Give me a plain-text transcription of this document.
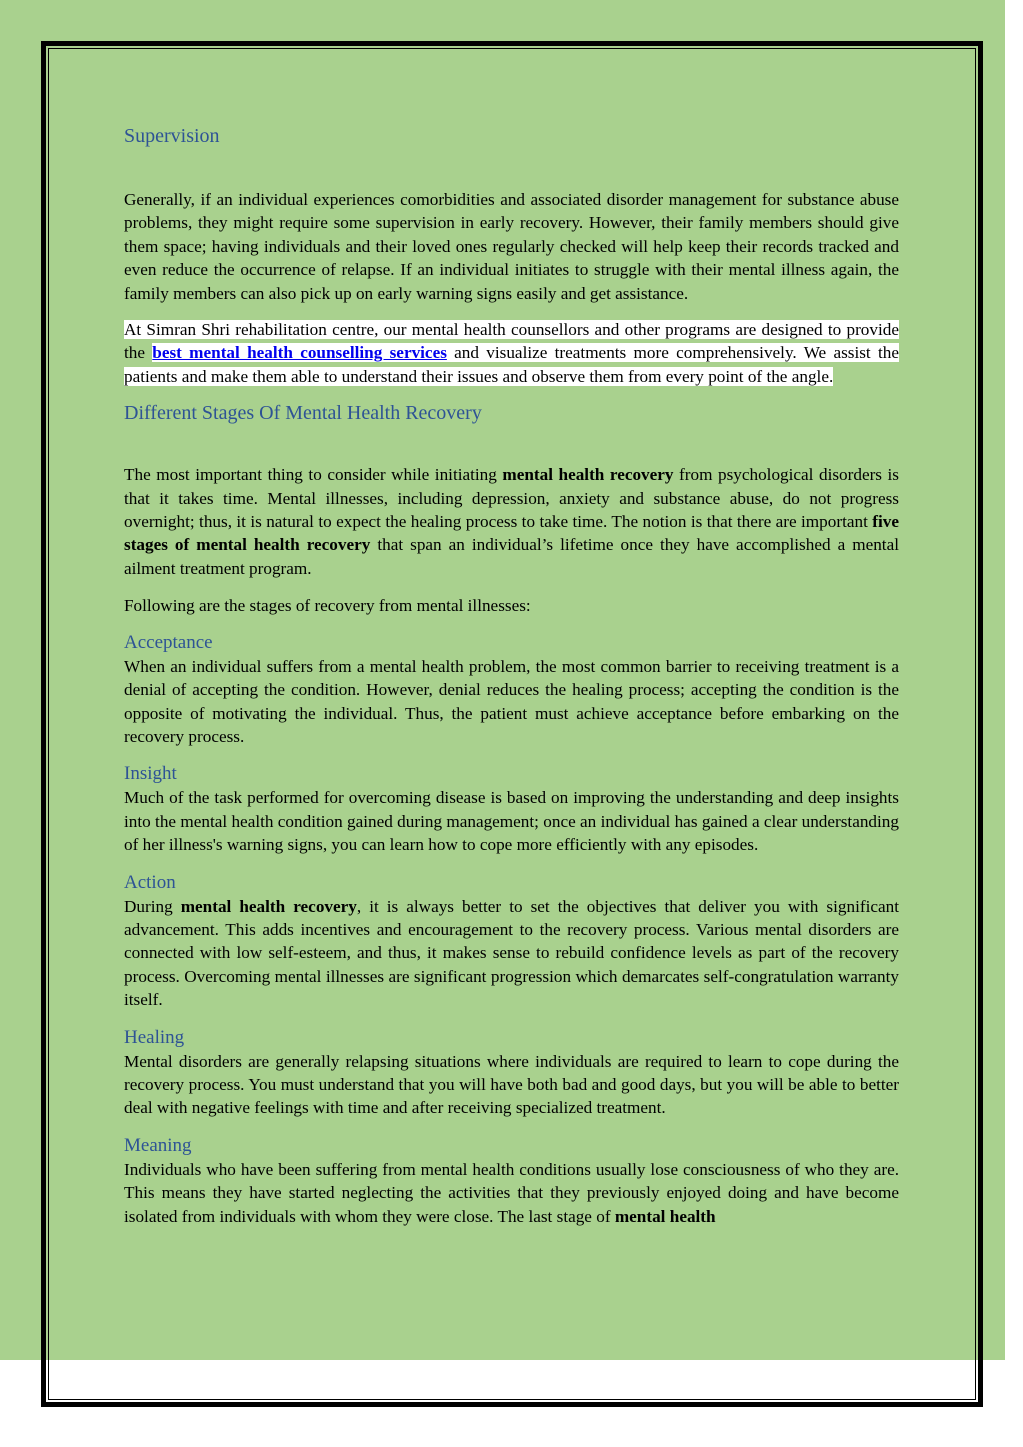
Supervision

Generally, if an individual experiences comorbidities and associated disorder management for substance abuse problems, they might require some supervision in early recovery. However, their family members should give them space; having individuals and their loved ones regularly checked will help keep their records tracked and even reduce the occurrence of relapse. If an individual initiates to struggle with their mental illness again, the family members can also pick up on early warning signs easily and get assistance.

At Simran Shri rehabilitation centre, our mental health counsellors and other programs are designed to provide the best mental health counselling services and visualize treatments more comprehensively. We assist the patients and make them able to understand their issues and observe them from every point of the angle.

Different Stages Of Mental Health Recovery

The most important thing to consider while initiating mental health recovery from psychological disorders is that it takes time. Mental illnesses, including depression, anxiety and substance abuse, do not progress overnight; thus, it is natural to expect the healing process to take time. The notion is that there are important five stages of mental health recovery that span an individual’s lifetime once they have accomplished a mental ailment treatment program.

Following are the stages of recovery from mental illnesses:

Acceptance

When an individual suffers from a mental health problem, the most common barrier to receiving treatment is a denial of accepting the condition. However, denial reduces the healing process; accepting the condition is the opposite of motivating the individual. Thus, the patient must achieve acceptance before embarking on the recovery process.

Insight

Much of the task performed for overcoming disease is based on improving the understanding and deep insights into the mental health condition gained during management; once an individual has gained a clear understanding of her illness's warning signs, you can learn how to cope more efficiently with any episodes.

Action

During mental health recovery, it is always better to set the objectives that deliver you with significant advancement. This adds incentives and encouragement to the recovery process. Various mental disorders are connected with low self-esteem, and thus, it makes sense to rebuild confidence levels as part of the recovery process. Overcoming mental illnesses are significant progression which demarcates self-congratulation warranty itself.

Healing

Mental disorders are generally relapsing situations where individuals are required to learn to cope during the recovery process. You must understand that you will have both bad and good days, but you will be able to better deal with negative feelings with time and after receiving specialized treatment.

Meaning

Individuals who have been suffering from mental health conditions usually lose consciousness of who they are. This means they have started neglecting the activities that they previously enjoyed doing and have become isolated from individuals with whom they were close. The last stage of mental health
